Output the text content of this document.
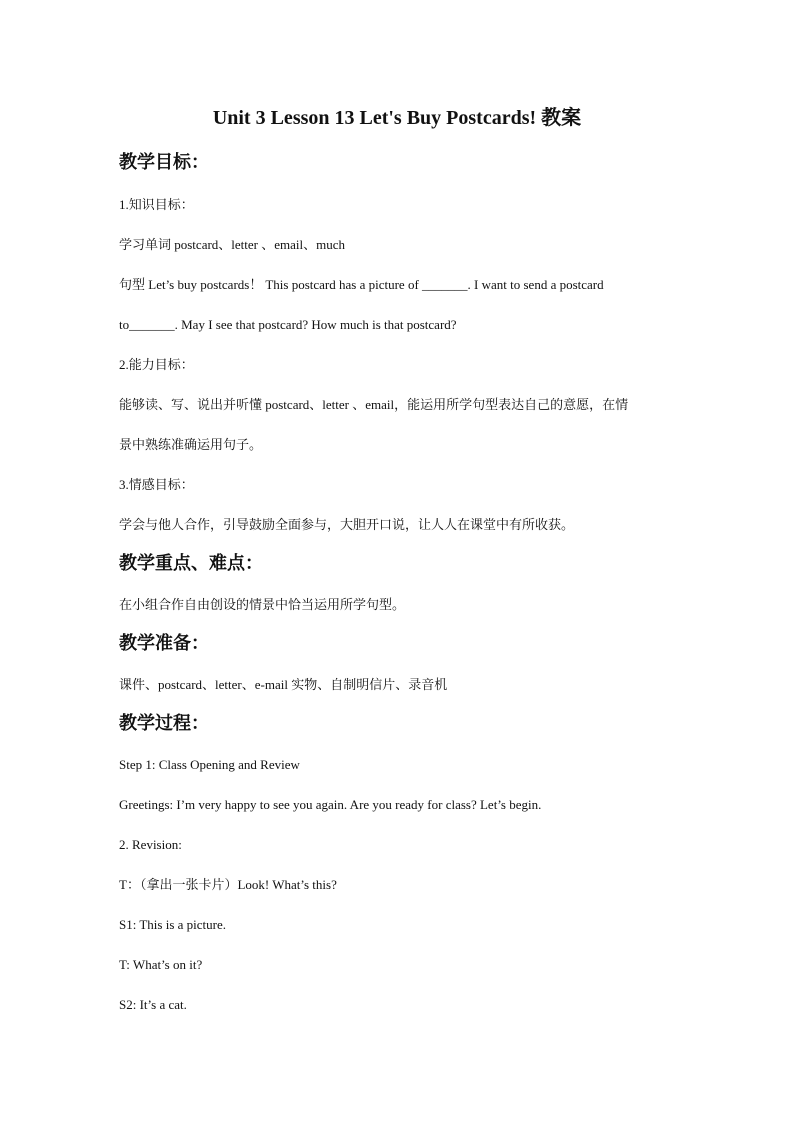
Unit 3 Lesson 13 Let's Buy Postcards! 教案
教学目标：
1.知识目标：
学习单词 postcard、letter 、email、much
句型 Let’s buy postcards！ This postcard has a picture of _______. I want to send a postcard
to_______. May I see that postcard? How much is that postcard?
2.能力目标：
能够读、写、说出并听懂 postcard、letter 、email，能运用所学句型表达自己的意愿，在情
景中熟练准确运用句子。
3.情感目标：
学会与他人合作，引导鼓励全面参与，大胆开口说，让人人在课堂中有所收获。
教学重点、难点：
在小组合作自由创设的情景中恰当运用所学句型。
教学准备：
课件、postcard、letter、e-mail 实物、自制明信片、录音机
教学过程：
Step 1: Class Opening and Review
Greetings: I’m very happy to see you again. Are you ready for class? Let’s begin.
2. Revision:
T：（拿出一张卡片）Look! What’s this?
S1: This is a picture.
T: What’s on it?
S2: It’s a cat.
